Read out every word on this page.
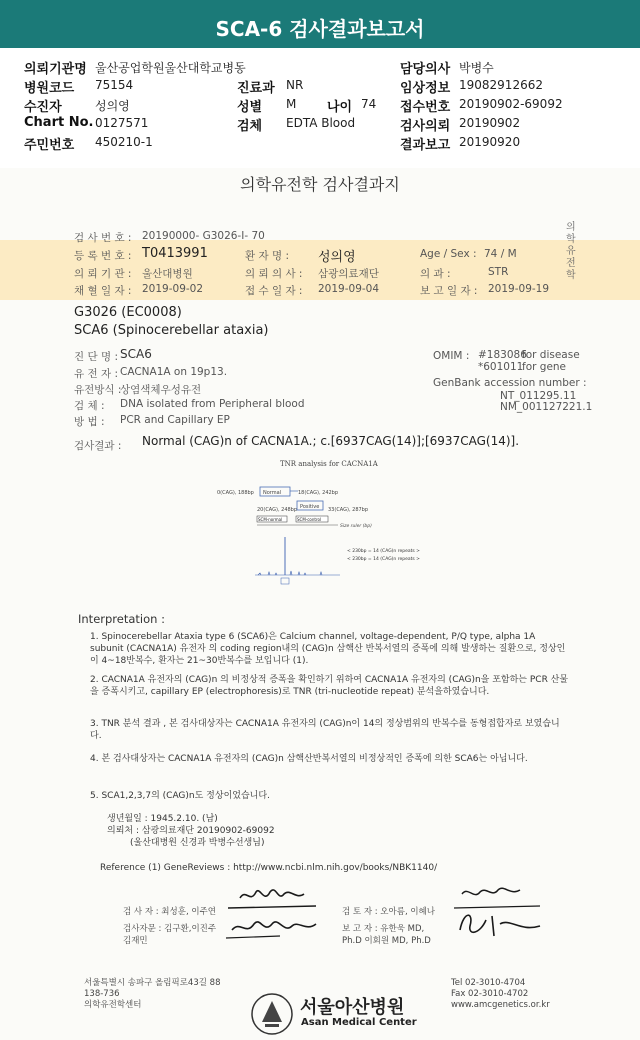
SCA-6 검사결과보고서
의뢰기관명 울산공업학원울산대학교병동	담당의사 박병수
병원코드 75154	진료과 NR	임상정보 19082912662
수진자	성의영	성별 M 나이 74 접수번호 20190902-69092
Chart No. 0127571	검체 EDTA Blood	검사의뢰 20190902
주민번호 450210-1	결과보고 20190920
의학유전학 검사결과지
의학유전학
검 사 번 호 : 20190000- G3026-I- 70
등 록 번 호 : T0413991	환 자 명 : 성의영	Age / Sex : 74 / M
의 뢰 기 관 : 울산대병원	의 뢰 의 사 : 삼광의료재단	의 과 :	STR
채 혈 일 자 : 2019-09-02	접 수 일 자 : 2019-09-04	보 고 일 자 : 2019-09-19
G3026 (EC0008)
SCA6 (Spinocerebellar ataxia)
진 단 명 : SCA6
유 전 자 : CACNA1A on 19p13.
유전방식 :
상염색체우성유전
검 체 : DNA isolated from Peripheral blood
방 법 : PCR and Capillary EP
OMIM : #183086
for disease
*601011
for gene
GenBank accession number :
NT_011295.11
NM_001127221.1
검사결과 : Normal (CAG)n of CACNA1A.; c.[6937CAG(14)];[6937CAG(14)].
TNR analysis for CACNA1A
0(CAG), 188bp Normal	18(CAG), 242bp
20(CAG), 248bp Positive 33(CAG), 287bp
SCM-normal	SCM-control
Size ruler (bp)
< 230bp = 14 (CAG)n repeats >
< 230bp = 14 (CAG)n repeats >
Interpretation :
1. Spinocerebellar Ataxia type 6 (SCA6)은 Calcium channel, voltage-dependent, P/Q type, alpha 1A subunit (CACNA1A) 유전자 의 coding region내의 (CAG)n 삼핵산 반복서열의 증폭에 의해 발생하는 질환으로, 정상인이 4~18반복수, 환자는 21~30반복수를 보입니다 (1).
2. CACNA1A 유전자의 (CAG)n 의 비정상적 증폭을 확인하기 위하여 CACNA1A 유전자의 (CAG)n을 포함하는 PCR 산물을 증폭시키고, capillary EP (electrophoresis)로 TNR (tri-nucleotide repeat) 분석을하였습니다.
3. TNR 분석 결과 , 본 검사대상자는 CACNA1A 유전자의 (CAG)n이 14의 정상범위의 반복수를 동형접합자로 보였습니다.
4. 본 검사대상자는 CACNA1A 유전자의 (CAG)n 삼핵산반복서열의 비정상적인 증폭에 의한 SCA6는 아닙니다.
5. SCA1,2,3,7의 (CAG)n도 정상이었습니다.
생년월일 : 1945.2.10. (남)
의뢰처 : 삼광의료재단 20190902-69092
(울산대병원 신경과 박병수선생님)
Reference (1) GeneReviews : http://www.ncbi.nlm.nih.gov/books/NBK1140/
검 사 자 : 최성훈, 이주연
검사자문 : 김구환,이진주 김재민
검 토 자 : 오아름, 이혜나
보 고 자 : 유한욱 MD, Ph.D 이회원 MD, Ph.D
서울특별시 송파구 올림픽로43길 88
138-736
의학유전학센터	서울아산병원
Asan Medical Center
Tel 02-3010-4704
Fax 02-3010-4702
www.amcgenetics.or.kr
